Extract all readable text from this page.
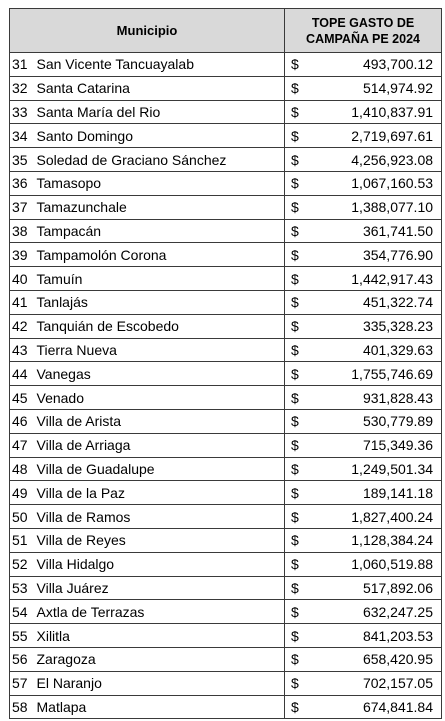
Municipio		TOPE GASTO DE
CAMPAÑA PE 2024	
31	San Vicente Tancuayalab	$	493,700.12
32	Santa Catarina	$	514,974.92
33	Santa María del Rio	$	1,410,837.91
34	Santo Domingo	$	2,719,697.61
35	Soledad de Graciano Sánchez	$	4,256,923.08
36	Tamasopo	$	1,067,160.53
37	Tamazunchale	$	1,388,077.10
38	Tampacán	$	361,741.50
39	Tampamolón Corona	$	354,776.90
40	Tamuín	$	1,442,917.43
41	Tanlajás	$	451,322.74
42	Tanquián de Escobedo	$	335,328.23
43	Tierra Nueva	$	401,329.63
44	Vanegas	$	1,755,746.69
45	Venado	$	931,828.43
46	Villa de Arista	$	530,779.89
47	Villa de Arriaga	$	715,349.36
48	Villa de Guadalupe	$	1,249,501.34
49	Villa de la Paz	$	189,141.18
50	Villa de Ramos	$	1,827,400.24
51	Villa de Reyes	$	1,128,384.24
52	Villa Hidalgo	$	1,060,519.88
53	Villa Juárez	$	517,892.06
54	Axtla de Terrazas	$	632,247.25
55	Xilitla	$	841,203.53
56	Zaragoza	$	658,420.95
57	El Naranjo	$	702,157.05
58	Matlapa	$	674,841.84
